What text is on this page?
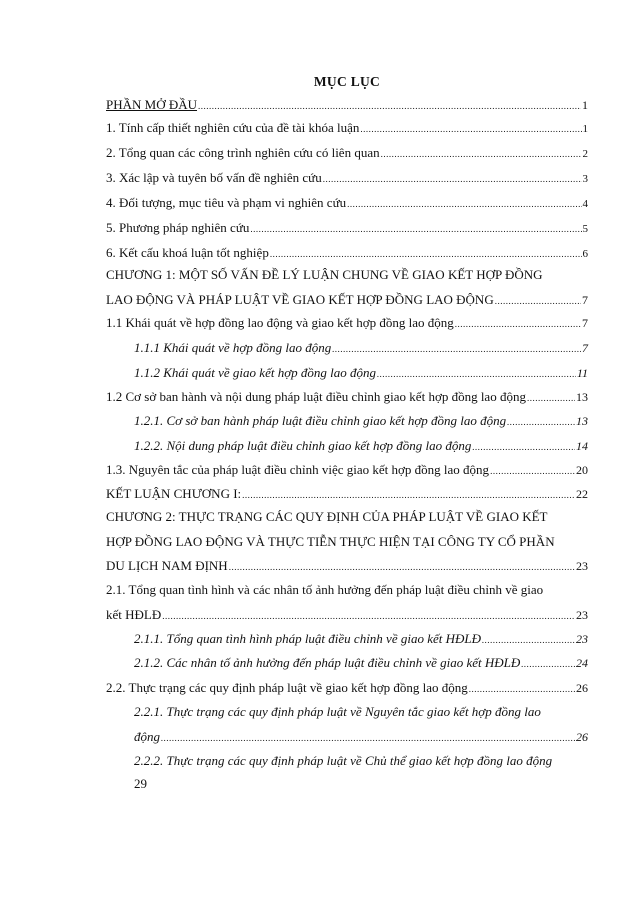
MỤC LỤC
PHẦN MỞ ĐẦU .....	1
1. Tính cấp thiết nghiên cứu của đề tài khóa luận .....	1
2. Tổng quan các công trình nghiên cứu có liên quan .....	2
3. Xác lập và tuyên bố vấn đề nghiên cứu .....	3
4. Đối tượng, mục tiêu và phạm vi nghiên cứu .....	4
5. Phương pháp nghiên cứu .....	5
6. Kết cấu khoá luận tốt nghiệp .....	6
CHƯƠNG 1: MỘT SỐ VẤN ĐỀ LÝ LUẬN CHUNG VỀ GIAO KẾT HỢP ĐỒNG
LAO ĐỘNG VÀ PHÁP LUẬT VỀ GIAO KẾT HỢP ĐỒNG LAO ĐỘNG .....	7
1.1 Khái quát về hợp đồng lao động và giao kết hợp đồng lao động .....	7
1.1.1 Khái quát về hợp đồng lao động .....	7
1.1.2 Khái quát về giao kết hợp đồng lao động .....	11
1.2 Cơ sở ban hành và nội dung pháp luật điều chỉnh giao kết hợp đồng lao động .....	13
1.2.1. Cơ sở ban hành pháp luật điều chỉnh giao kết hợp đồng lao động .....	13
1.2.2. Nội dung pháp luật điều chỉnh giao kết hợp đồng lao động .....	14
1.3. Nguyên tắc của pháp luật điều chỉnh việc giao kết hợp đồng lao động .....	20
KẾT LUẬN CHƯƠNG I: .....	22
CHƯƠNG 2: THỰC TRẠNG CÁC QUY ĐỊNH CỦA PHÁP LUẬT VỀ GIAO KẾT
HỢP ĐỒNG LAO ĐỘNG VÀ THỰC TIỄN THỰC HIỆN TẠI CÔNG TY CỔ PHẦN
DU LỊCH NAM ĐỊNH .....	23
2.1. Tổng quan tình hình và các nhân tố ảnh hưởng đến pháp luật điều chỉnh về giao
kết HĐLĐ .....	23
2.1.1. Tổng quan tình hình pháp luật điều chỉnh về giao kết HĐLĐ .....	23
2.1.2. Các nhân tố ảnh hưởng đến pháp luật điều chỉnh về giao kết HĐLĐ .....	24
2.2. Thực trạng các quy định pháp luật về giao kết hợp đồng lao động .....	26
2.2.1. Thực trạng các quy định pháp luật về Nguyên tắc giao kết hợp đồng lao
động .....	26
2.2.2. Thực trạng các quy định pháp luật về Chủ thể giao kết hợp đồng lao động
29
